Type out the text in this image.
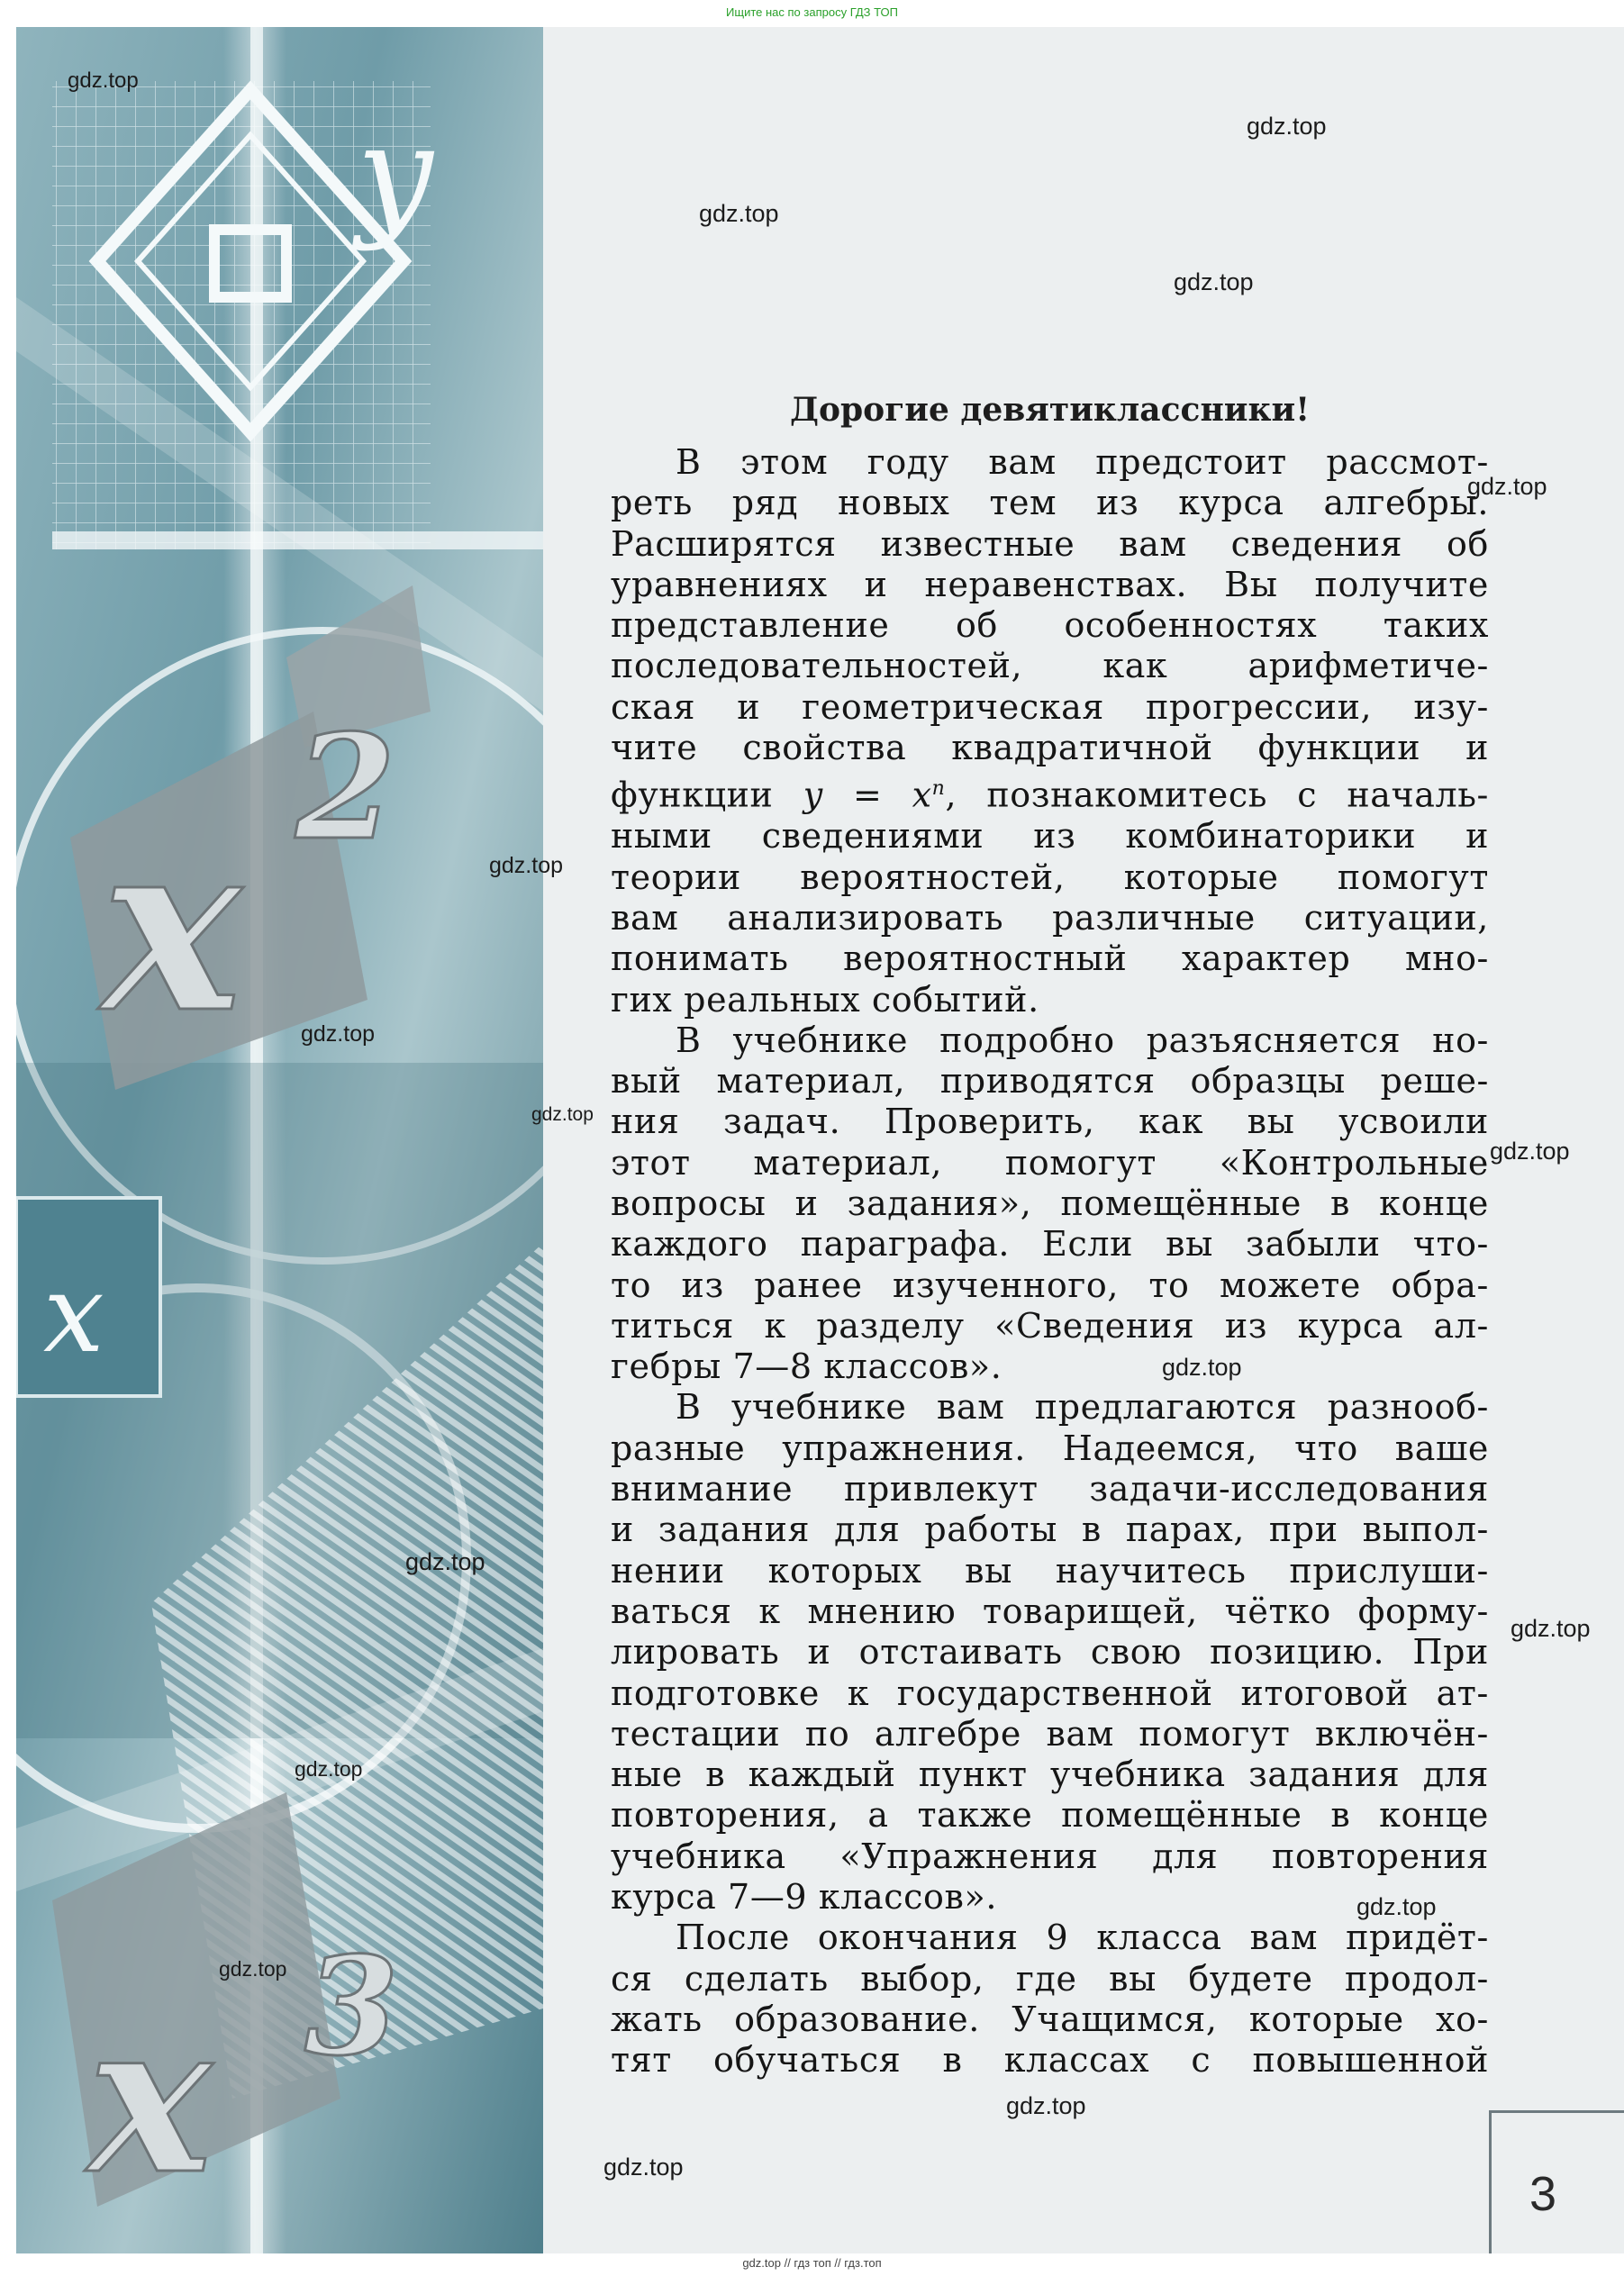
Ищите нас по запросу ГДЗ ТОП
y
x
2
x
x 3
Дорогие девятиклассники!
В этом году вам предстоит рассмот-
реть ряд новых тем из курса алгебры.
Расширятся известные вам сведения об
уравнениях и неравенствах. Вы получите
представление об особенностях таких
последовательностей, как арифметиче-
ская и геометрическая прогрессии, изу-
чите свойства квадратичной функции и
функции $y = x^n$, познакомитесь с началь-
ными сведениями из комбинаторики и
теории вероятностей, которые помогут
вам анализировать различные ситуации,
понимать вероятностный характер мно-
гих реальных событий.
В учебнике подробно разъясняется но-
вый материал, приводятся образцы реше-
ния задач. Проверить, как вы усвоили
этот материал, помогут «Контрольные
вопросы и задания», помещённые в конце
каждого параграфа. Если вы забыли что-
то из ранее изученного, то можете обра-
титься к разделу «Сведения из курса ал-
гебры 7—8 классов».
В учебнике вам предлагаются разнооб-
разные упражнения. Надеемся, что ваше
внимание привлекут задачи-исследования
и задания для работы в парах, при выпол-
нении которых вы научитесь прислуши-
ваться к мнению товарищей, чётко форму-
лировать и отстаивать свою позицию. При
подготовке к государственной итоговой ат-
тестации по алгебре вам помогут включён-
ные в каждый пункт учебника задания для
повторения, а также помещённые в конце
учебника «Упражнения для повторения
курса 7—9 классов».
После окончания 9 класса вам придёт-
ся сделать выбор, где вы будете продол-
жать образование. Учащимся, которые хо-
тят обучаться в классах с повышенной
3
gdz.top
gdz.top
gdz.top
gdz.top
gdz.top
gdz.top
gdz.top
gdz.top
gdz.top
gdz.top
gdz.top
gdz.top
gdz.top
gdz.top
gdz.top
gdz.top
gdz.top
gdz.top // гдз топ // гдз.топ
